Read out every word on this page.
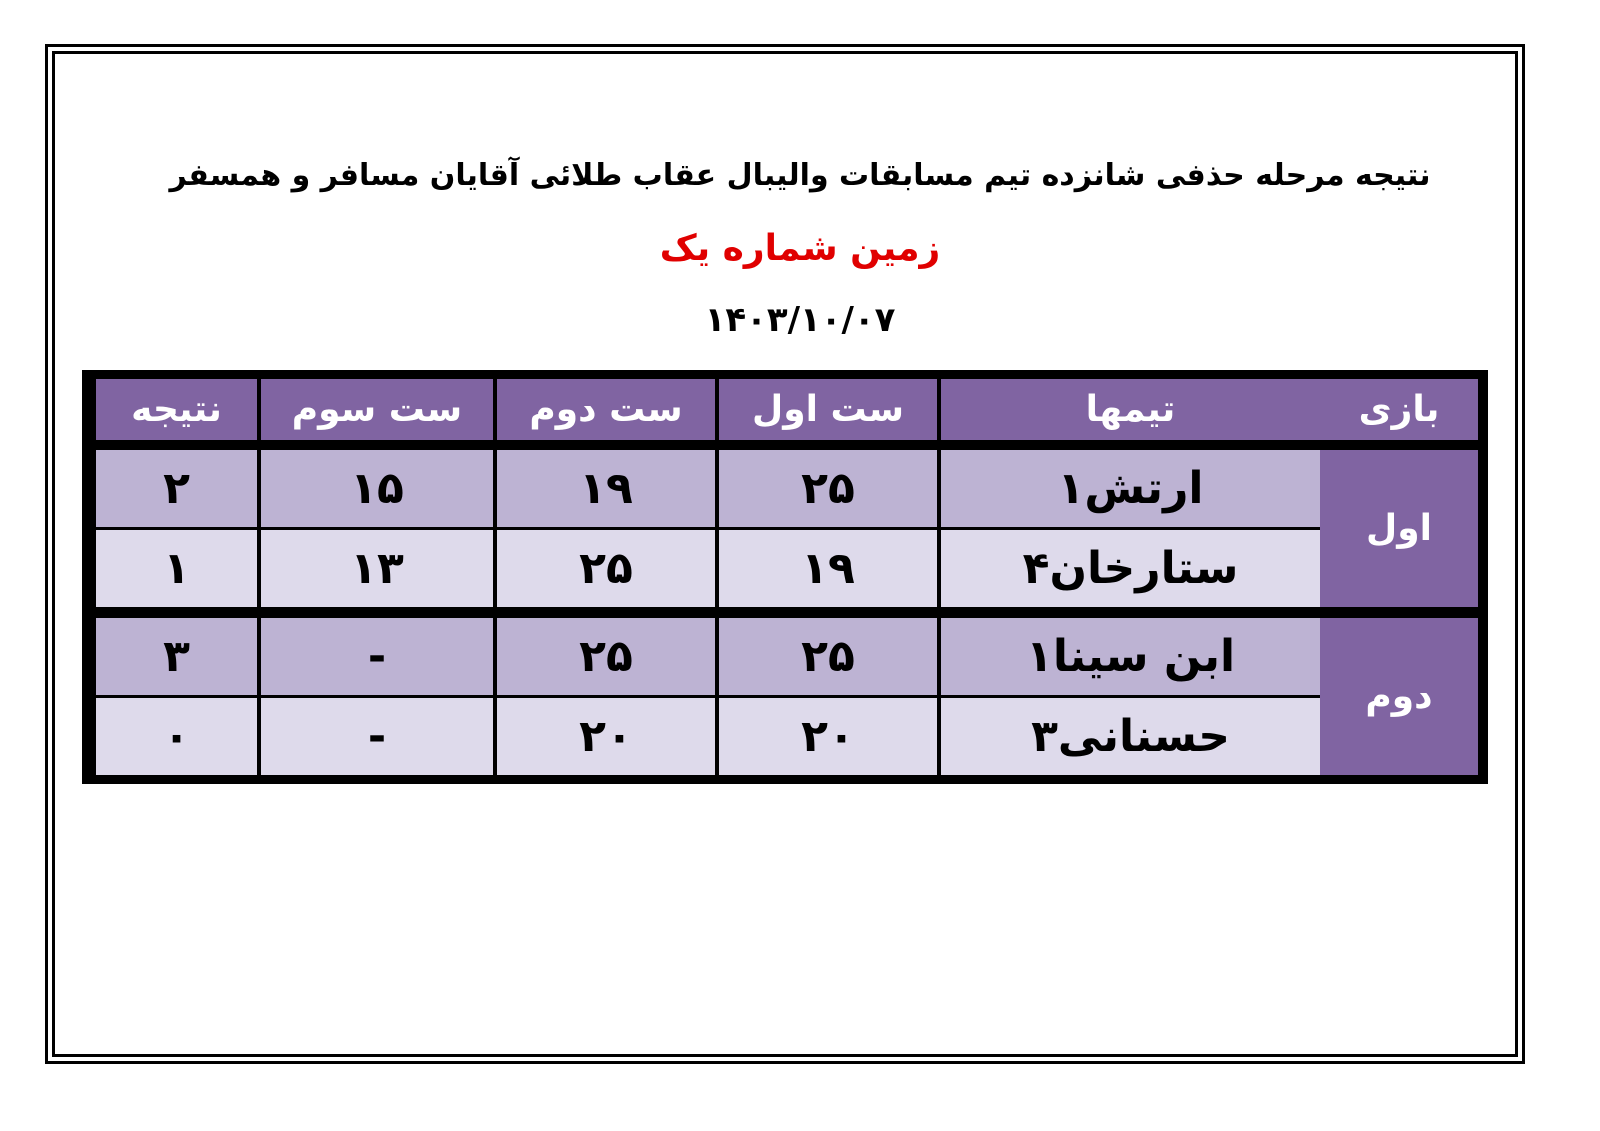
نتیجه مرحله حذفی شانزده تیم مسابقات والیبال عقاب طلائی آقایان مسافر و همسفر
زمین شماره یک
۱۴۰۳/۱۰/۰۷
بازی	تیمها	ست اول	ست دوم	ست سوم	نتیجه

اول	ارتش۱	۲۵	۱۹	۱۵	۲
	ستارخان۴	۱۹	۲۵	۱۳	۱

دوم	ابن سینا۱	۲۵	۲۵	-	۳
	حسنانی۳	۲۰	۲۰	-	۰
